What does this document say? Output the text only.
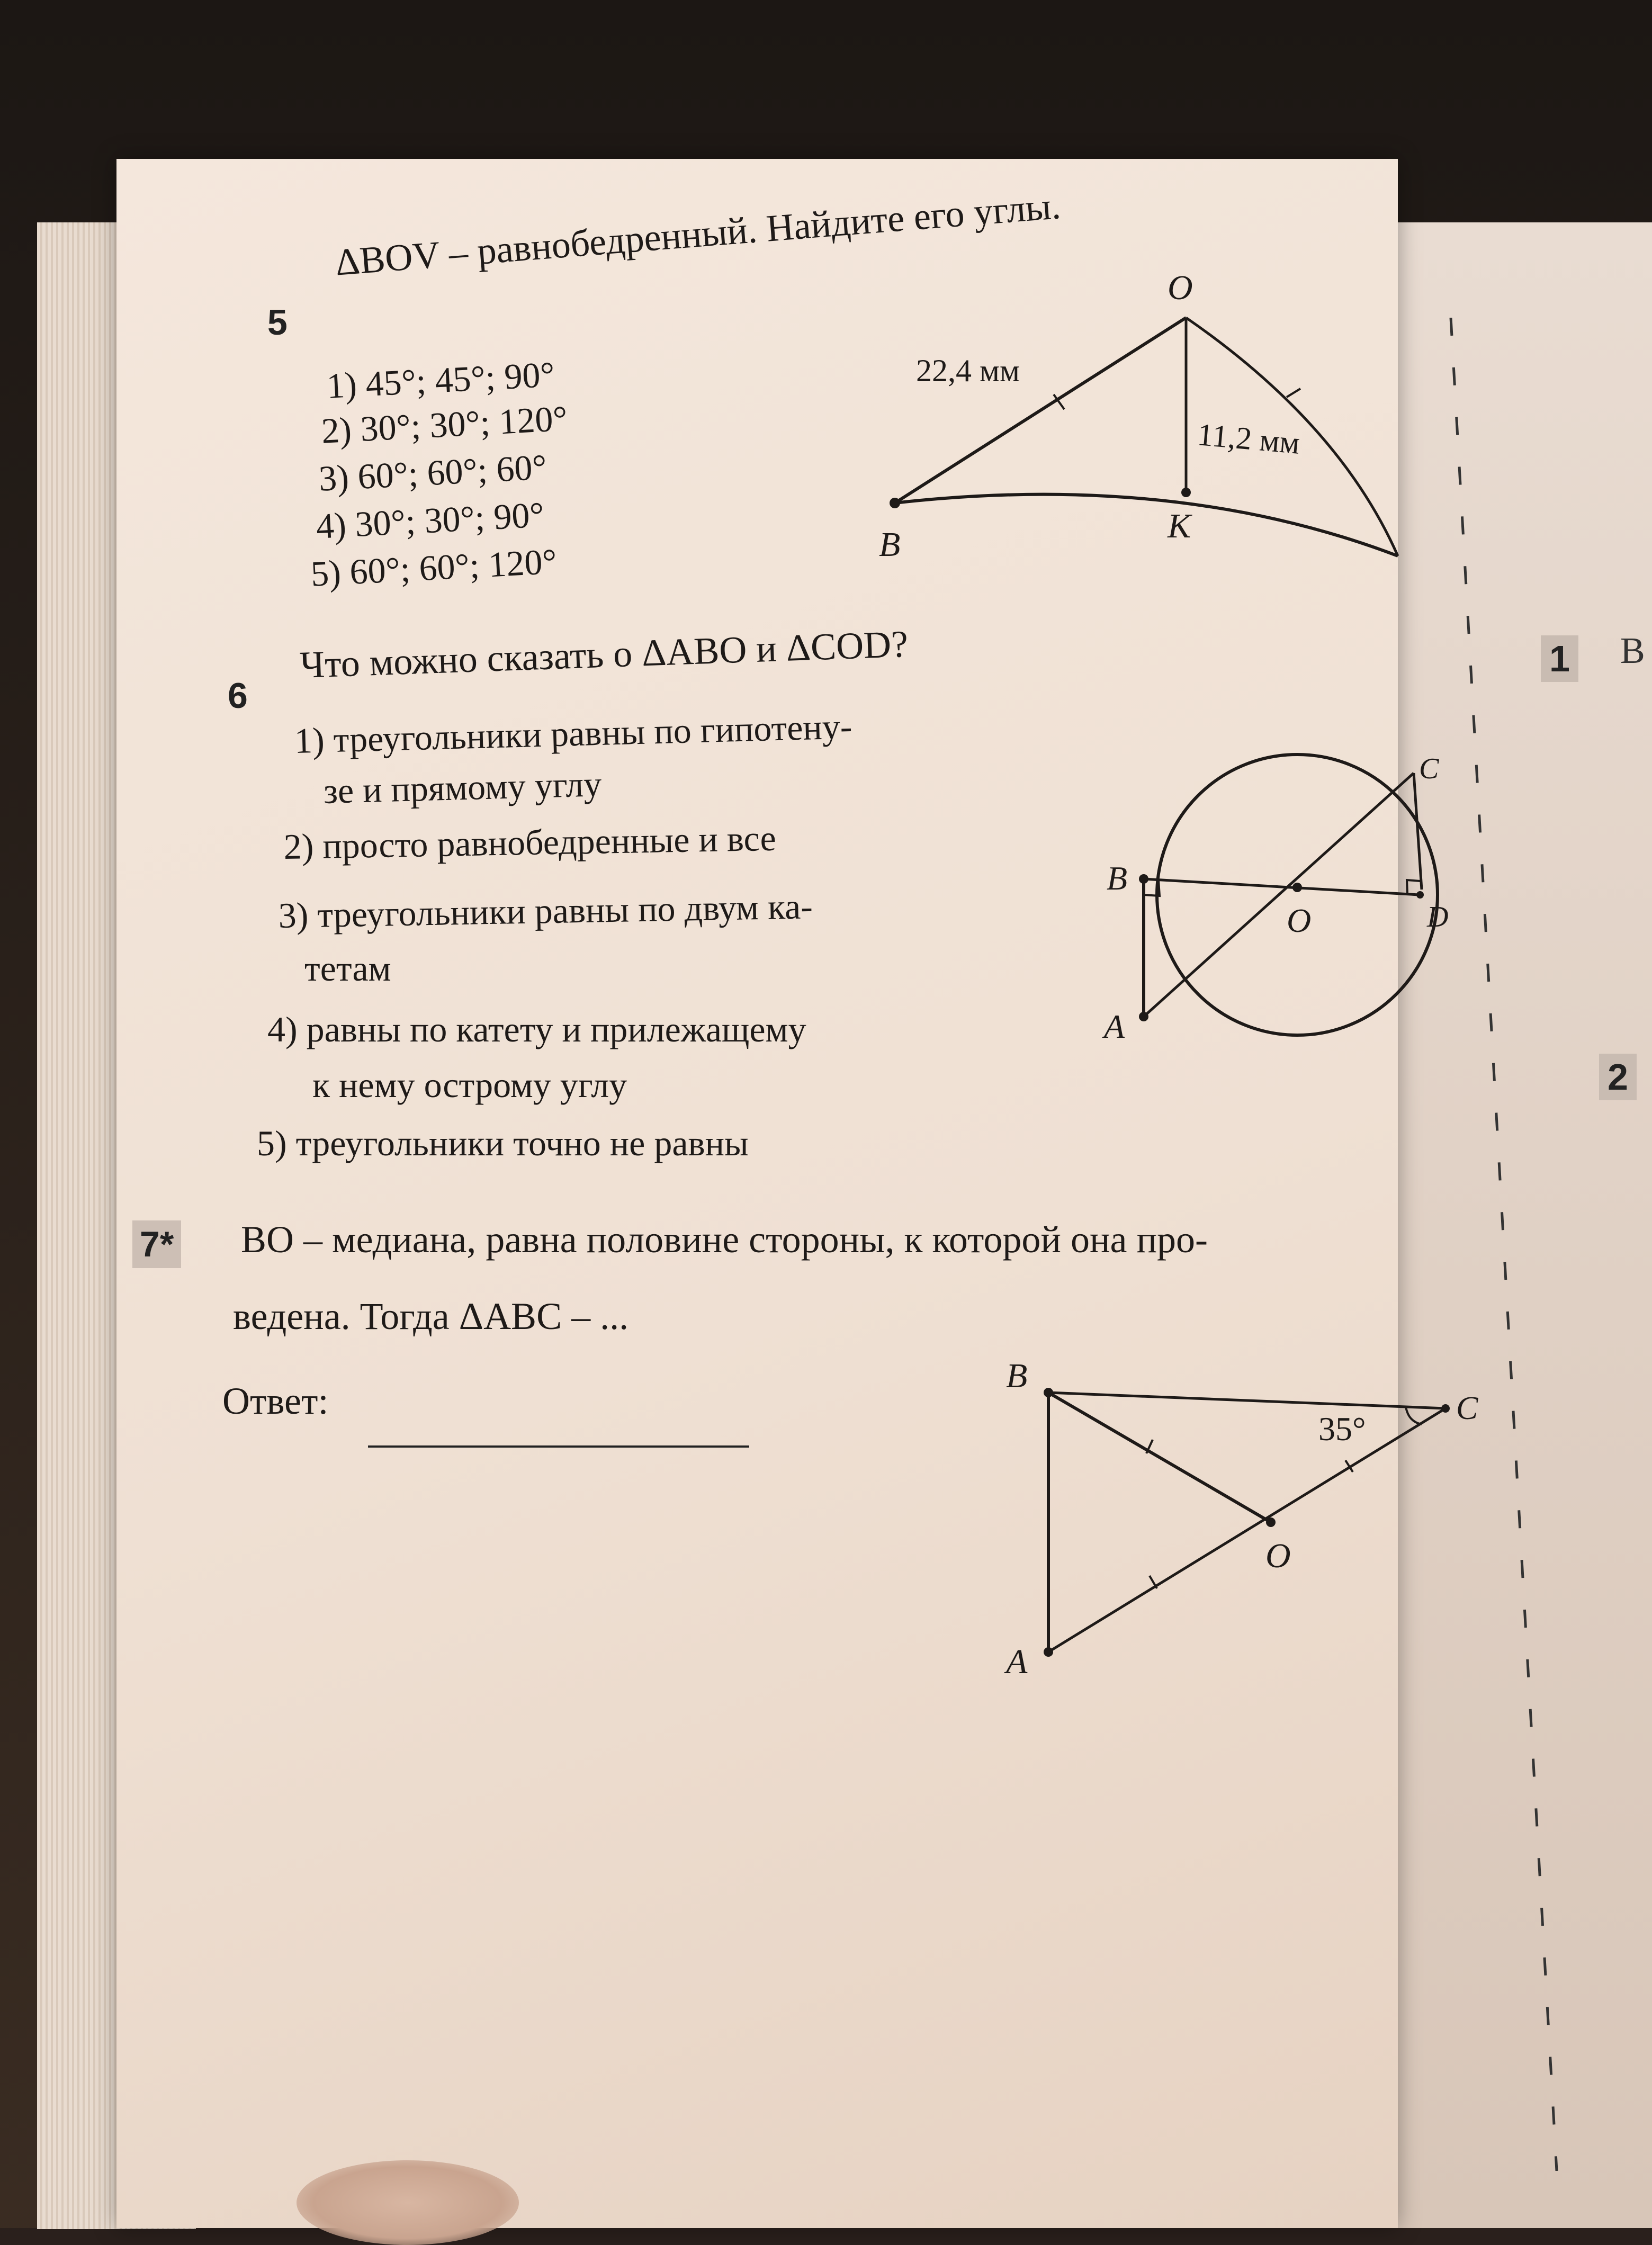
1 В
2
5
ΔBOV – равнобедренный. Найдите его углы.
1) 45°; 45°; 90°
2) 30°; 30°; 120°
3) 60°; 60°; 60°
4) 30°; 30°; 90°
5) 60°; 60°; 120°
O
B	K
22,4 мм
11,2 мм
6
Что можно сказать о ΔABO и ΔCOD?
1) треугольники равны по гипотену-
зе и прямому углу
2) просто равнобедренные и все
3) треугольники равны по двум ка-
тетам
4) равны по катету и прилежащему
к нему острому углу
5) треугольники точно не равны
B
O	D
C
A
7* BO – медиана, равна половине стороны, к которой она про-
ведена. Тогда ΔABC – ...
Ответ:
B
C
O
A
35°
